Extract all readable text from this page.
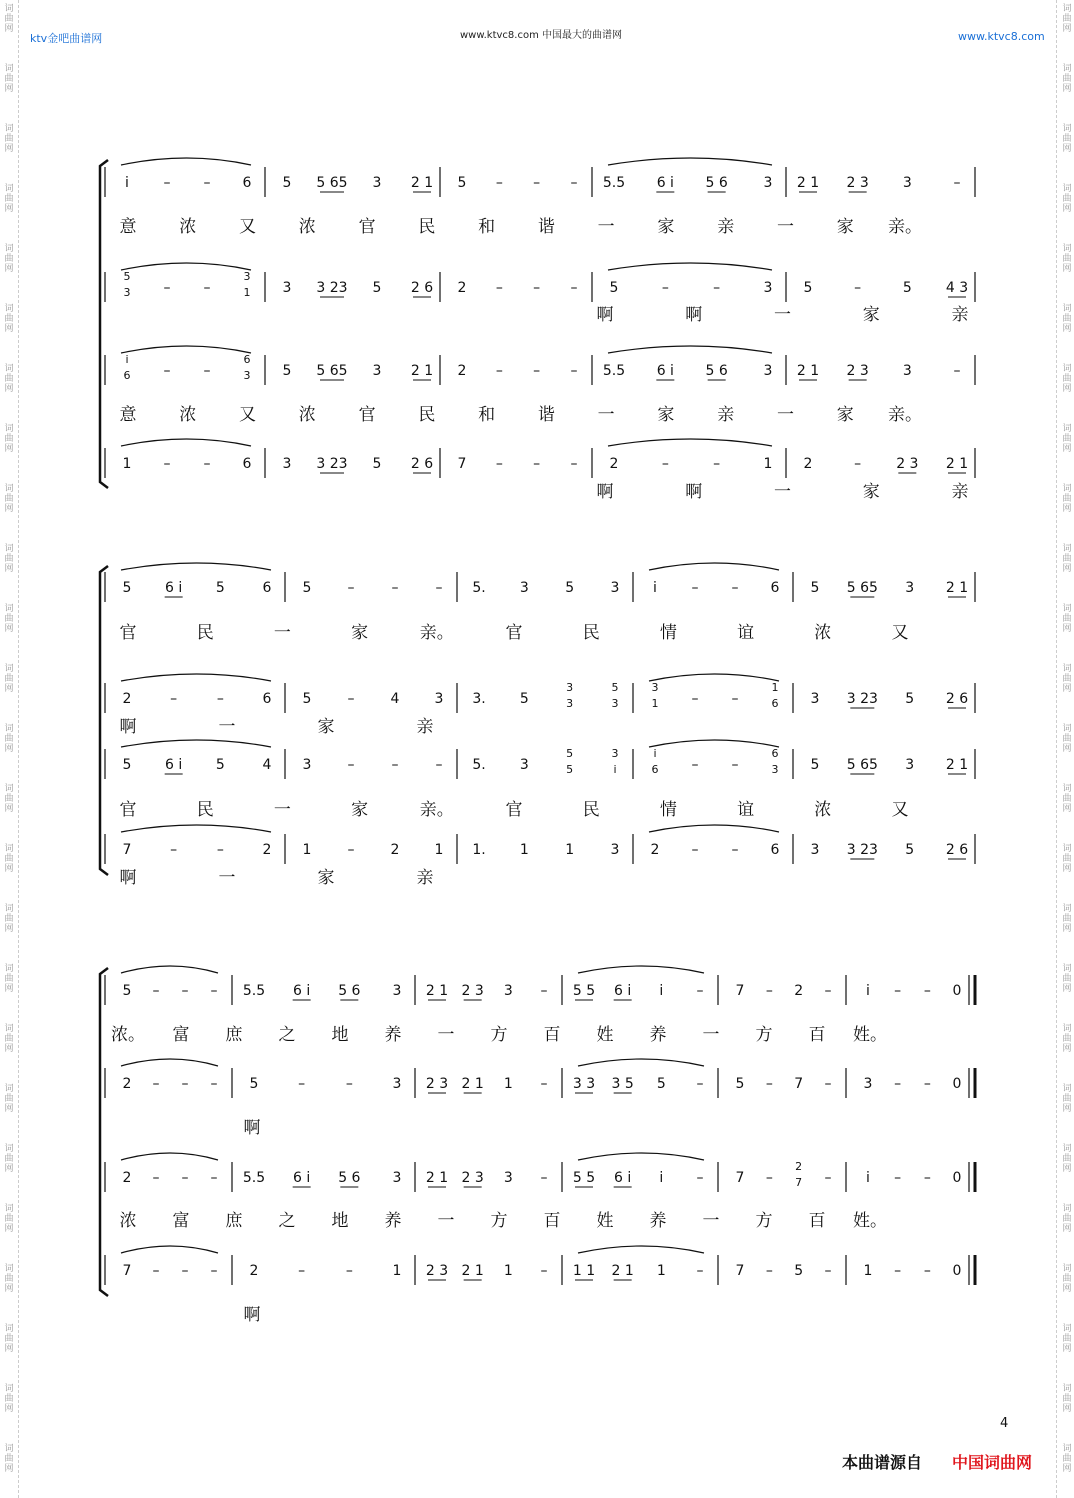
词
曲
网
词
曲
网
词
曲
网
词
曲
网
词
曲
网
词
曲
网
词
曲
网
词
曲
网
词
曲
网
词
曲
网
词
曲
网
词
曲
网
词
曲
网
词
曲
网
词
曲
网
词
曲
网
词
曲
网
词
曲
网
词
曲
网
词
曲
网
词
曲
网
词
曲
网
词
曲
网
词
曲
网
词
曲
网
词
曲
网
词
曲
网
词
曲
网
词
曲
网
词
曲
网
词
曲
网
词
曲
网
词
曲
网
词
曲
网
词
曲
网
词
曲
网
词
曲
网
词
曲
网
词
曲
网
词
曲
网
词
曲
网
词
曲
网
词
曲
网
词
曲
网
词
曲
网
词
曲
网
词
曲
网
词
曲
网
词
曲
网
词
曲
网
ktv金吧曲谱网	www.ktvc8.com 中国最大的曲谱网	www.ktvc8.com
i – – 6 5 5 65 3 2 1 5 – – – 5.5 6 i 5 6	3 2 1 2 3 3	–
意	浓	又	浓	官	民	和	谐	一	家	亲	一	家 亲。
5
3 – –
3
1 3 3 23 5 2 6 2 – – – 5	–	–	3 5	–	5 4 3
啊	啊	一	家	亲
i
6 – –
6
3 5 5 65 3 2 1 2 – – – 5.5 6 i 5 6	3 2 1 2 3 3	–
意	浓	又	浓	官	民	和	谐	一	家	亲	一	家 亲。
1 – – 6 3 3 23 5 2 6 7 – – – 2	–	–	1 2	–	2 3 2 1
啊	啊	一	家	亲
5 6 i 5	6 5	–	–	– 5. 3	5	3 i – – 6 5 5 65 3 2 1
官	民	一	家	亲。	官	民	情	谊	浓	又
2	–	–	6 5	–	4	3 3. 5
3
3
5
3
3
1 – –
1
6 3 3 23 5 2 6
啊	一	家	亲
5 6 i 5	4 3	–	–	– 5. 3
5
5
3
i
i
6 – –
6
3 5 5 65 3 2 1
官	民	一	家	亲。	官	民	情	谊	浓	又
7	–	–	2 1	–	2	1 1. 1	1	3 2 – – 6 3 3 23 5 2 6
啊	一	家	亲
5 – – – 5.5 6 i 5 6 3 2 1 2 3 3 – 5 5 6 i i – 7 – 2 – i – – 0
浓。 富 庶 之 地 养 一 方 百 姓 养 一 方 百 姓。
2 – – – 5	–	–	3 2 3 2 1 1 – 3 3 3 5 5 – 5 – 7 – 3 – – 0
啊
2 – – – 5.5 6 i 5 6 3 2 1 2 3 3 – 5 5 6 i i – 7 –
2
7 – i – – 0
浓 富 庶 之 地 养 一 方 百 姓 养 一 方 百 姓。
7 – – – 2	–	–	1 2 3 2 1 1 – 1 1 2 1 1 – 7 – 5 – 1 – – 0
啊
4
本曲谱源自 中国词曲网
